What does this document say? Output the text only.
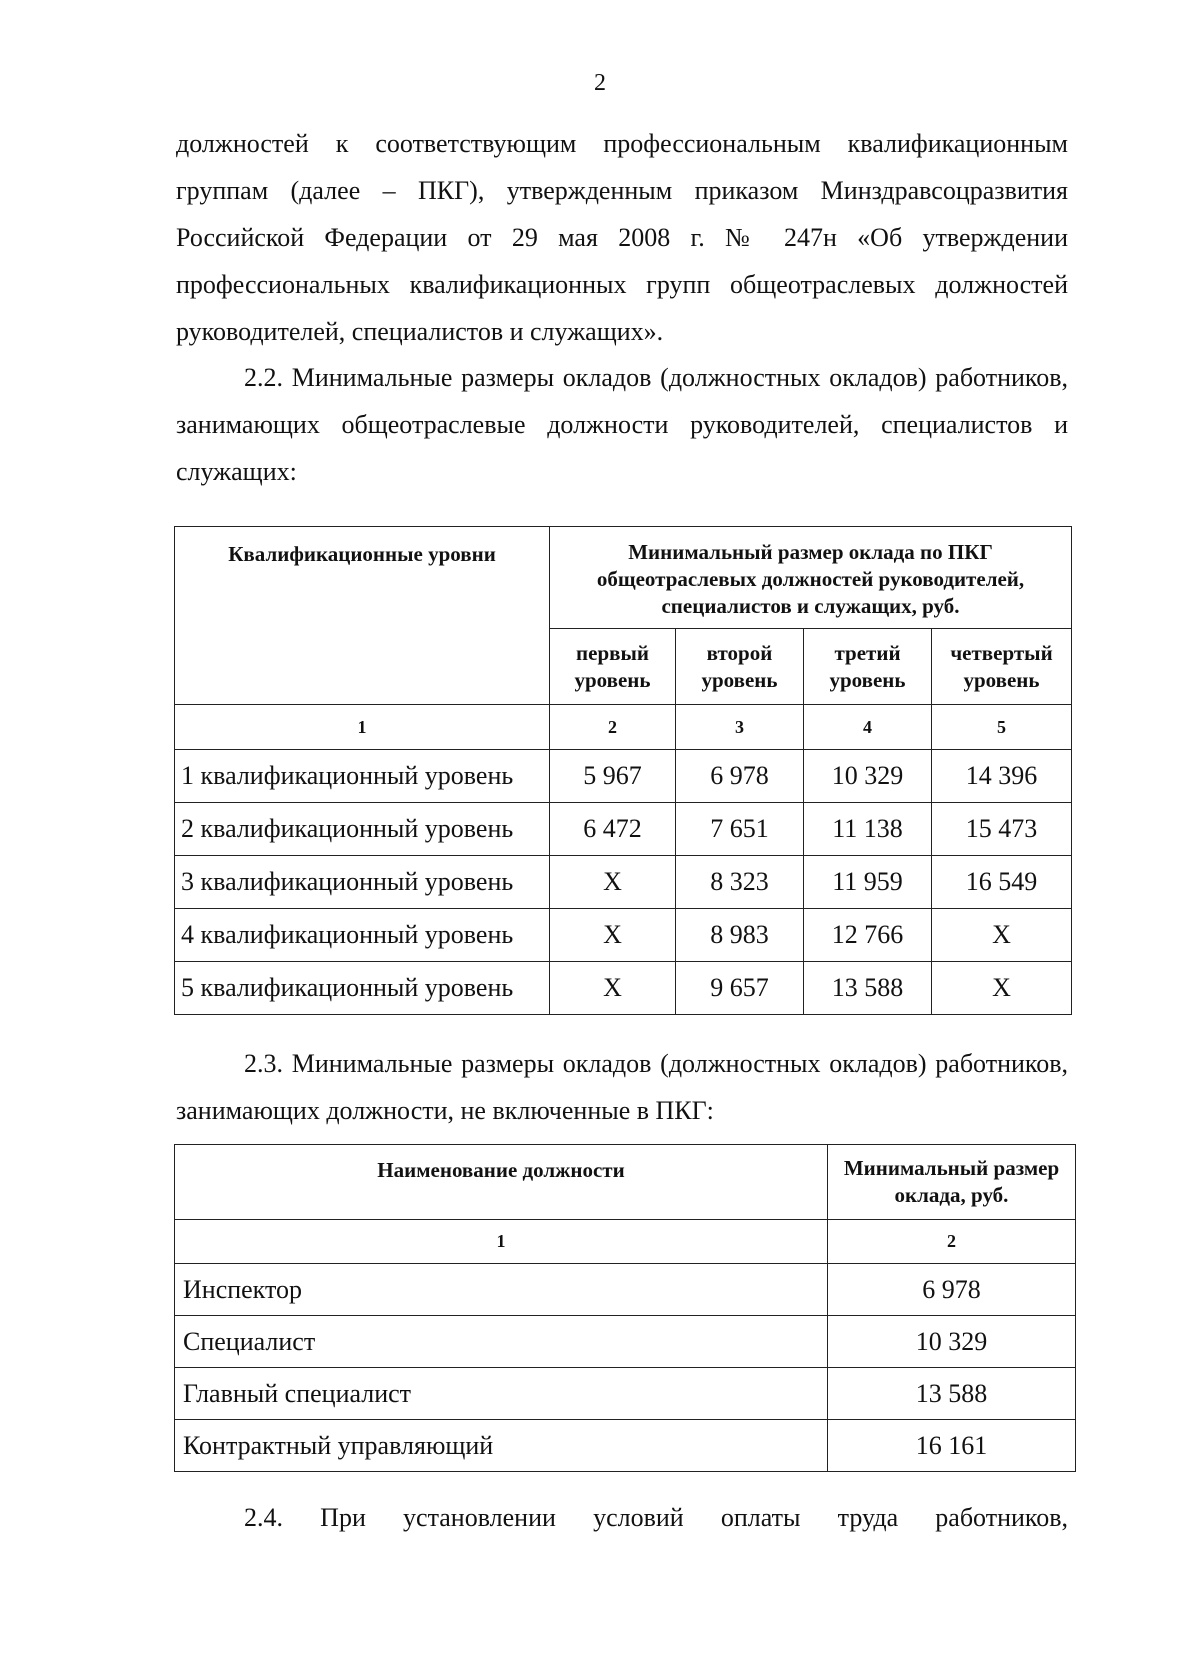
2

должностей к соответствующим профессиональным квалификационным группам (далее – ПКГ), утвержденным приказом Минздравсоцразвития Российской Федерации от 29 мая 2008 г. № 247н «Об утверждении профессиональных квалификационных групп общеотраслевых должностей руководителей, специалистов и служащих».

2.2. Минимальные размеры окладов (должностных окладов) работников, занимающих общеотраслевые должности руководителей, специалистов и служащих:

Квалификационные уровни	Минимальный размер оклада по ПКГ общеотраслевых должностей руководителей, специалистов и служащих, руб.			
	первый уровень	второй уровень	третий уровень	четвертый уровень
1	2	3	4	5
1 квалификационный уровень	5 967	6 978	10 329	14 396
2 квалификационный уровень	6 472	7 651	11 138	15 473
3 квалификационный уровень	Х	8 323	11 959	16 549
4 квалификационный уровень	Х	8 983	12 766	Х
5 квалификационный уровень	Х	9 657	13 588	Х

2.3. Минимальные размеры окладов (должностных окладов) работников, занимающих должности, не включенные в ПКГ:

Наименование должности	Минимальный размер оклада, руб.
1	2
Инспектор	6 978
Специалист	10 329
Главный специалист	13 588
Контрактный управляющий	16 161

2.4. При установлении условий оплаты труда работников,
